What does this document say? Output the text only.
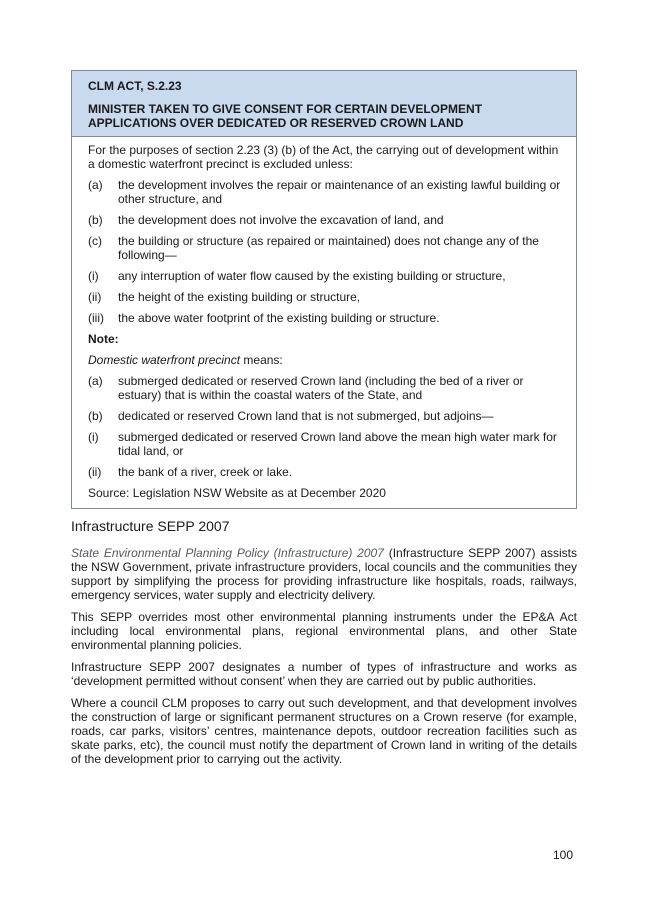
CLM ACT, S.2.23

MINISTER TAKEN TO GIVE CONSENT FOR CERTAIN DEVELOPMENT APPLICATIONS OVER DEDICATED OR RESERVED CROWN LAND

For the purposes of section 2.23 (3) (b) of the Act, the carrying out of development within a domestic waterfront precinct is excluded unless:

(a)	the development involves the repair or maintenance of an existing lawful building or other structure, and
(b)	the development does not involve the excavation of land, and
(c)	the building or structure (as repaired or maintained) does not change any of the following—
(i)	any interruption of water flow caused by the existing building or structure,
(ii)	the height of the existing building or structure,
(iii)	the above water footprint of the existing building or structure.
Note:

Domestic waterfront precinct means:

(a)	submerged dedicated or reserved Crown land (including the bed of a river or estuary) that is within the coastal waters of the State, and
(b)	dedicated or reserved Crown land that is not submerged, but adjoins—
(i)	submerged dedicated or reserved Crown land above the mean high water mark for tidal land, or
(ii)	the bank of a river, creek or lake.

Source: Legislation NSW Website as at December 2020

Infrastructure SEPP 2007

State Environmental Planning Policy (Infrastructure) 2007 (Infrastructure SEPP 2007) assists the NSW Government, private infrastructure providers, local councils and the communities they support by simplifying the process for providing infrastructure like hospitals, roads, railways, emergency services, water supply and electricity delivery.

This SEPP overrides most other environmental planning instruments under the EP&A Act including local environmental plans, regional environmental plans, and other State environmental planning policies.

Infrastructure SEPP 2007 designates a number of types of infrastructure and works as ‘development permitted without consent’ when they are carried out by public authorities.

Where a council CLM proposes to carry out such development, and that development involves the construction of large or significant permanent structures on a Crown reserve (for example, roads, car parks, visitors’ centres, maintenance depots, outdoor recreation facilities such as skate parks, etc), the council must notify the department of Crown land in writing of the details of the development prior to carrying out the activity.

100
